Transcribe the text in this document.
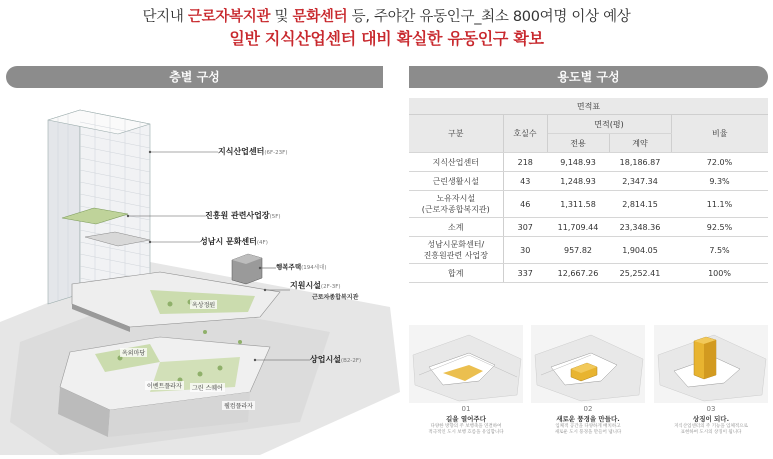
단지내 근로자복지관 및 문화센터 등, 주야간 유동인구_최소 800여명 이상 예상
일반 지식산업센터 대비 확실한 유동인구 확보
층별 구성	용도별 구성
지식산업센터(6F-23F)
진흥원 관련사업장(5F)
성남시 문화센터(4F)
행복주택(194세대)
지원시설(2F-3F)
근로자종합복지관
상업시설(B2-2F)
옥상정원
옥외마당
이벤트플라자	그린 스퀘어
웰컴플라자
면적표				
구분	호실수	면적(평)		비율
		전용	계약	
지식산업센터	218	9,148.93	18,186.87	72.0%
근린생활시설	43	1,248.93	2,347.34	9.3%

노유자시설
(근로자종합복지관)	46	1,311.58	2,814.15	11.1%
소계	307	11,709.44	23,348.36	92.5%

성남시문화센터/
진흥원관련 사업장	30	957.82	1,904.05	7.5%
합계	337	12,667.26	25,252.41	100%
01
길을 열어주다
다양한 방향의 주 보행축을 연결하여
적극적인 도시 보행 흐름을 유입합니다
02
새로운 풍경을 만들다.
입체적 공간을 다양하게 배치하고
새로운 도시 풍경을 만들어 냅니다
03
상징이 되다.
지식산업센터의 주 기능을 입체적으로
표현하여 도시의 상징이 됩니다
